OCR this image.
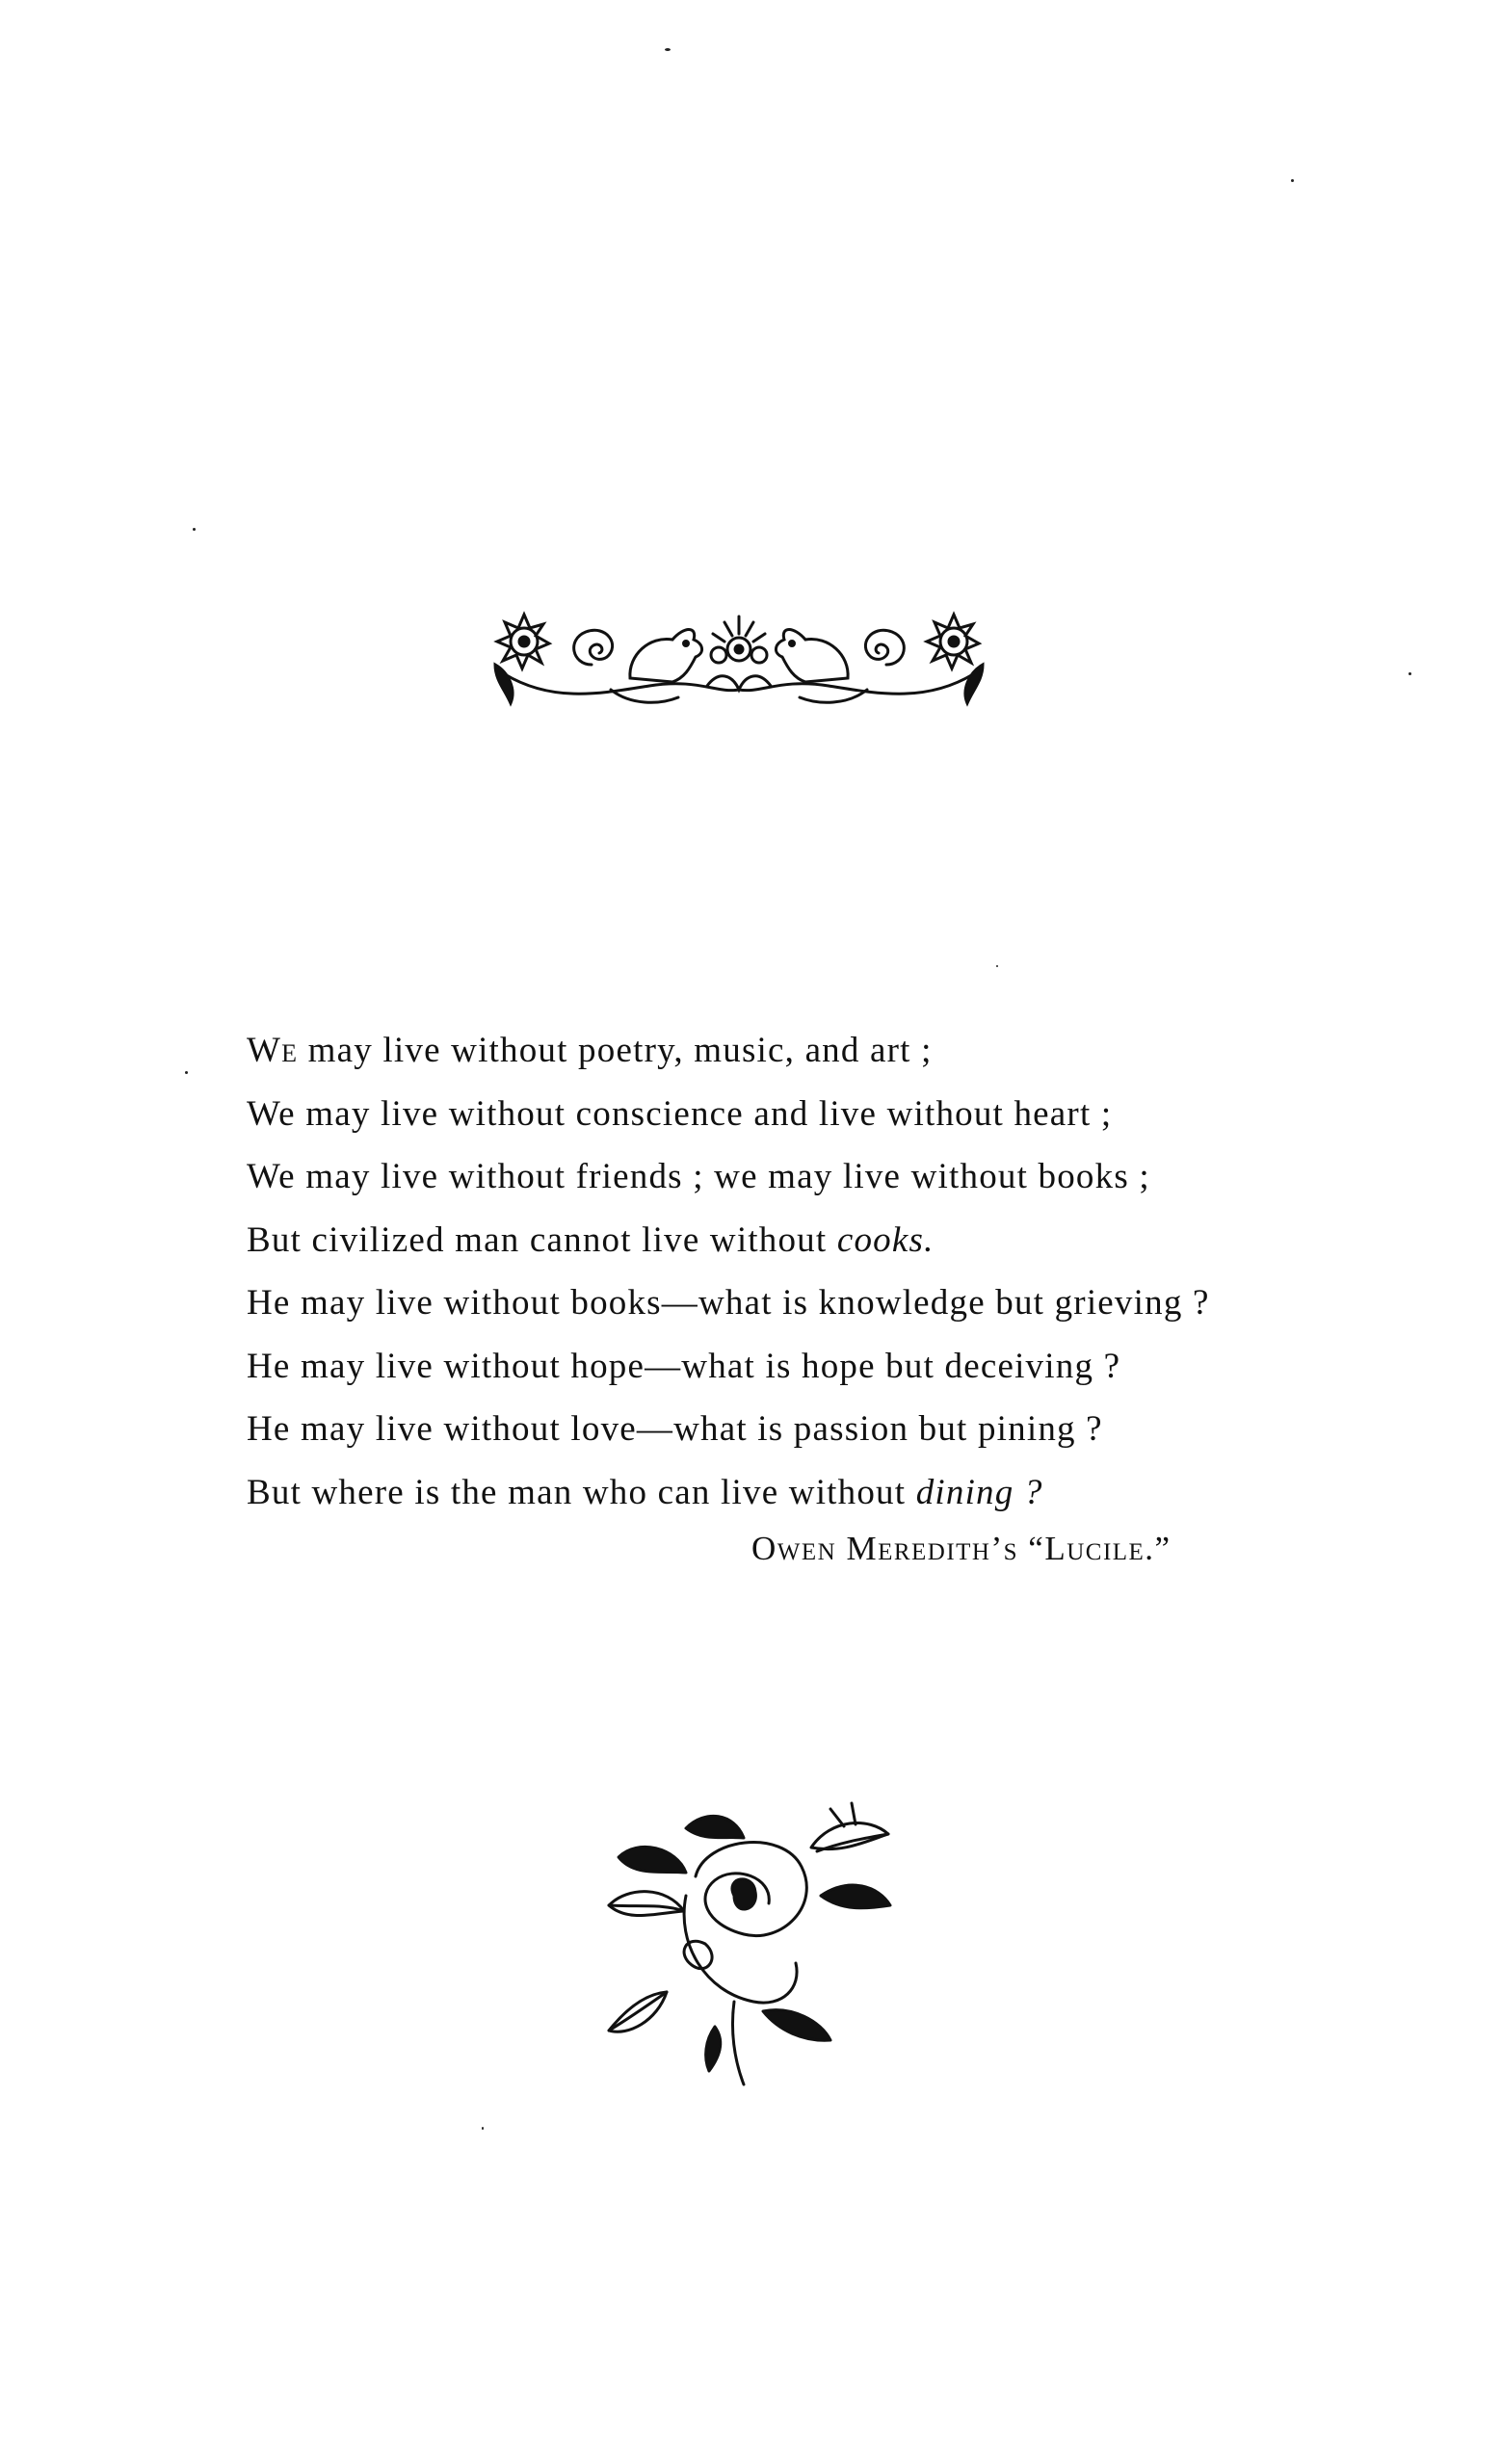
We may live without poetry, music, and art ;
We may live without conscience and live without heart ;
We may live without friends ; we may live without books ;
But civilized man cannot live without cooks.
He may live without books—what is knowledge but grieving ?
He may live without hope—what is hope but deceiving ?
He may live without love—what is passion but pining ?
But where is the man who can live without dining ?
Owen Meredith’s “Lucile.”
